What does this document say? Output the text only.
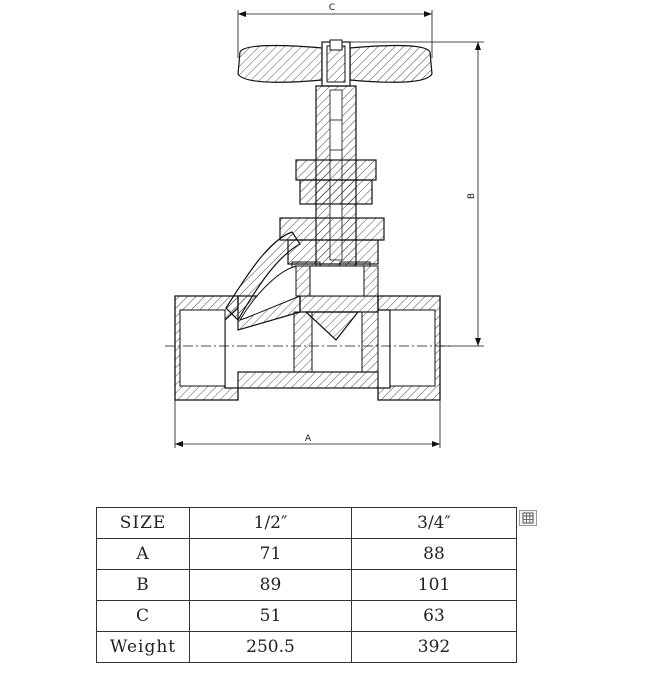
C
B
A
SIZE	1/2″	3/4″
A	71	88
B	89	101
C	51	63
Weight	250.5	392
